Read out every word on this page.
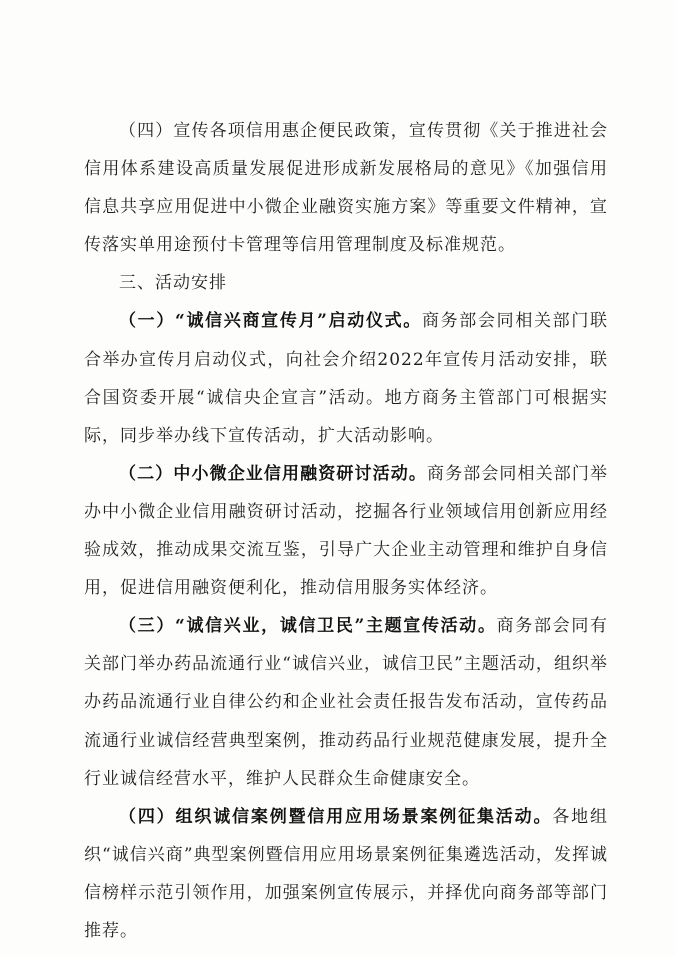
（四）宣传各项信用惠企便民政策，宣传贯彻《关于推进社会信用体系建设高质量发展促进形成新发展格局的意见》《加强信用信息共享应用促进中小微企业融资实施方案》等重要文件精神，宣传落实单用途预付卡管理等信用管理制度及标准规范。

三、活动安排

（一）“诚信兴商宣传月”启动仪式。商务部会同相关部门联合举办宣传月启动仪式，向社会介绍2022年宣传月活动安排，联合国资委开展“诚信央企宣言”活动。地方商务主管部门可根据实际，同步举办线下宣传活动，扩大活动影响。

（二）中小微企业信用融资研讨活动。商务部会同相关部门举办中小微企业信用融资研讨活动，挖掘各行业领域信用创新应用经验成效，推动成果交流互鉴，引导广大企业主动管理和维护自身信用，促进信用融资便利化，推动信用服务实体经济。

（三）“诚信兴业，诚信卫民”主题宣传活动。商务部会同有关部门举办药品流通行业“诚信兴业，诚信卫民”主题活动，组织举办药品流通行业自律公约和企业社会责任报告发布活动，宣传药品流通行业诚信经营典型案例，推动药品行业规范健康发展，提升全行业诚信经营水平，维护人民群众生命健康安全。

（四）组织诚信案例暨信用应用场景案例征集活动。各地组织“诚信兴商”典型案例暨信用应用场景案例征集遴选活动，发挥诚信榜样示范引领作用，加强案例宣传展示，并择优向商务部等部门推荐。
